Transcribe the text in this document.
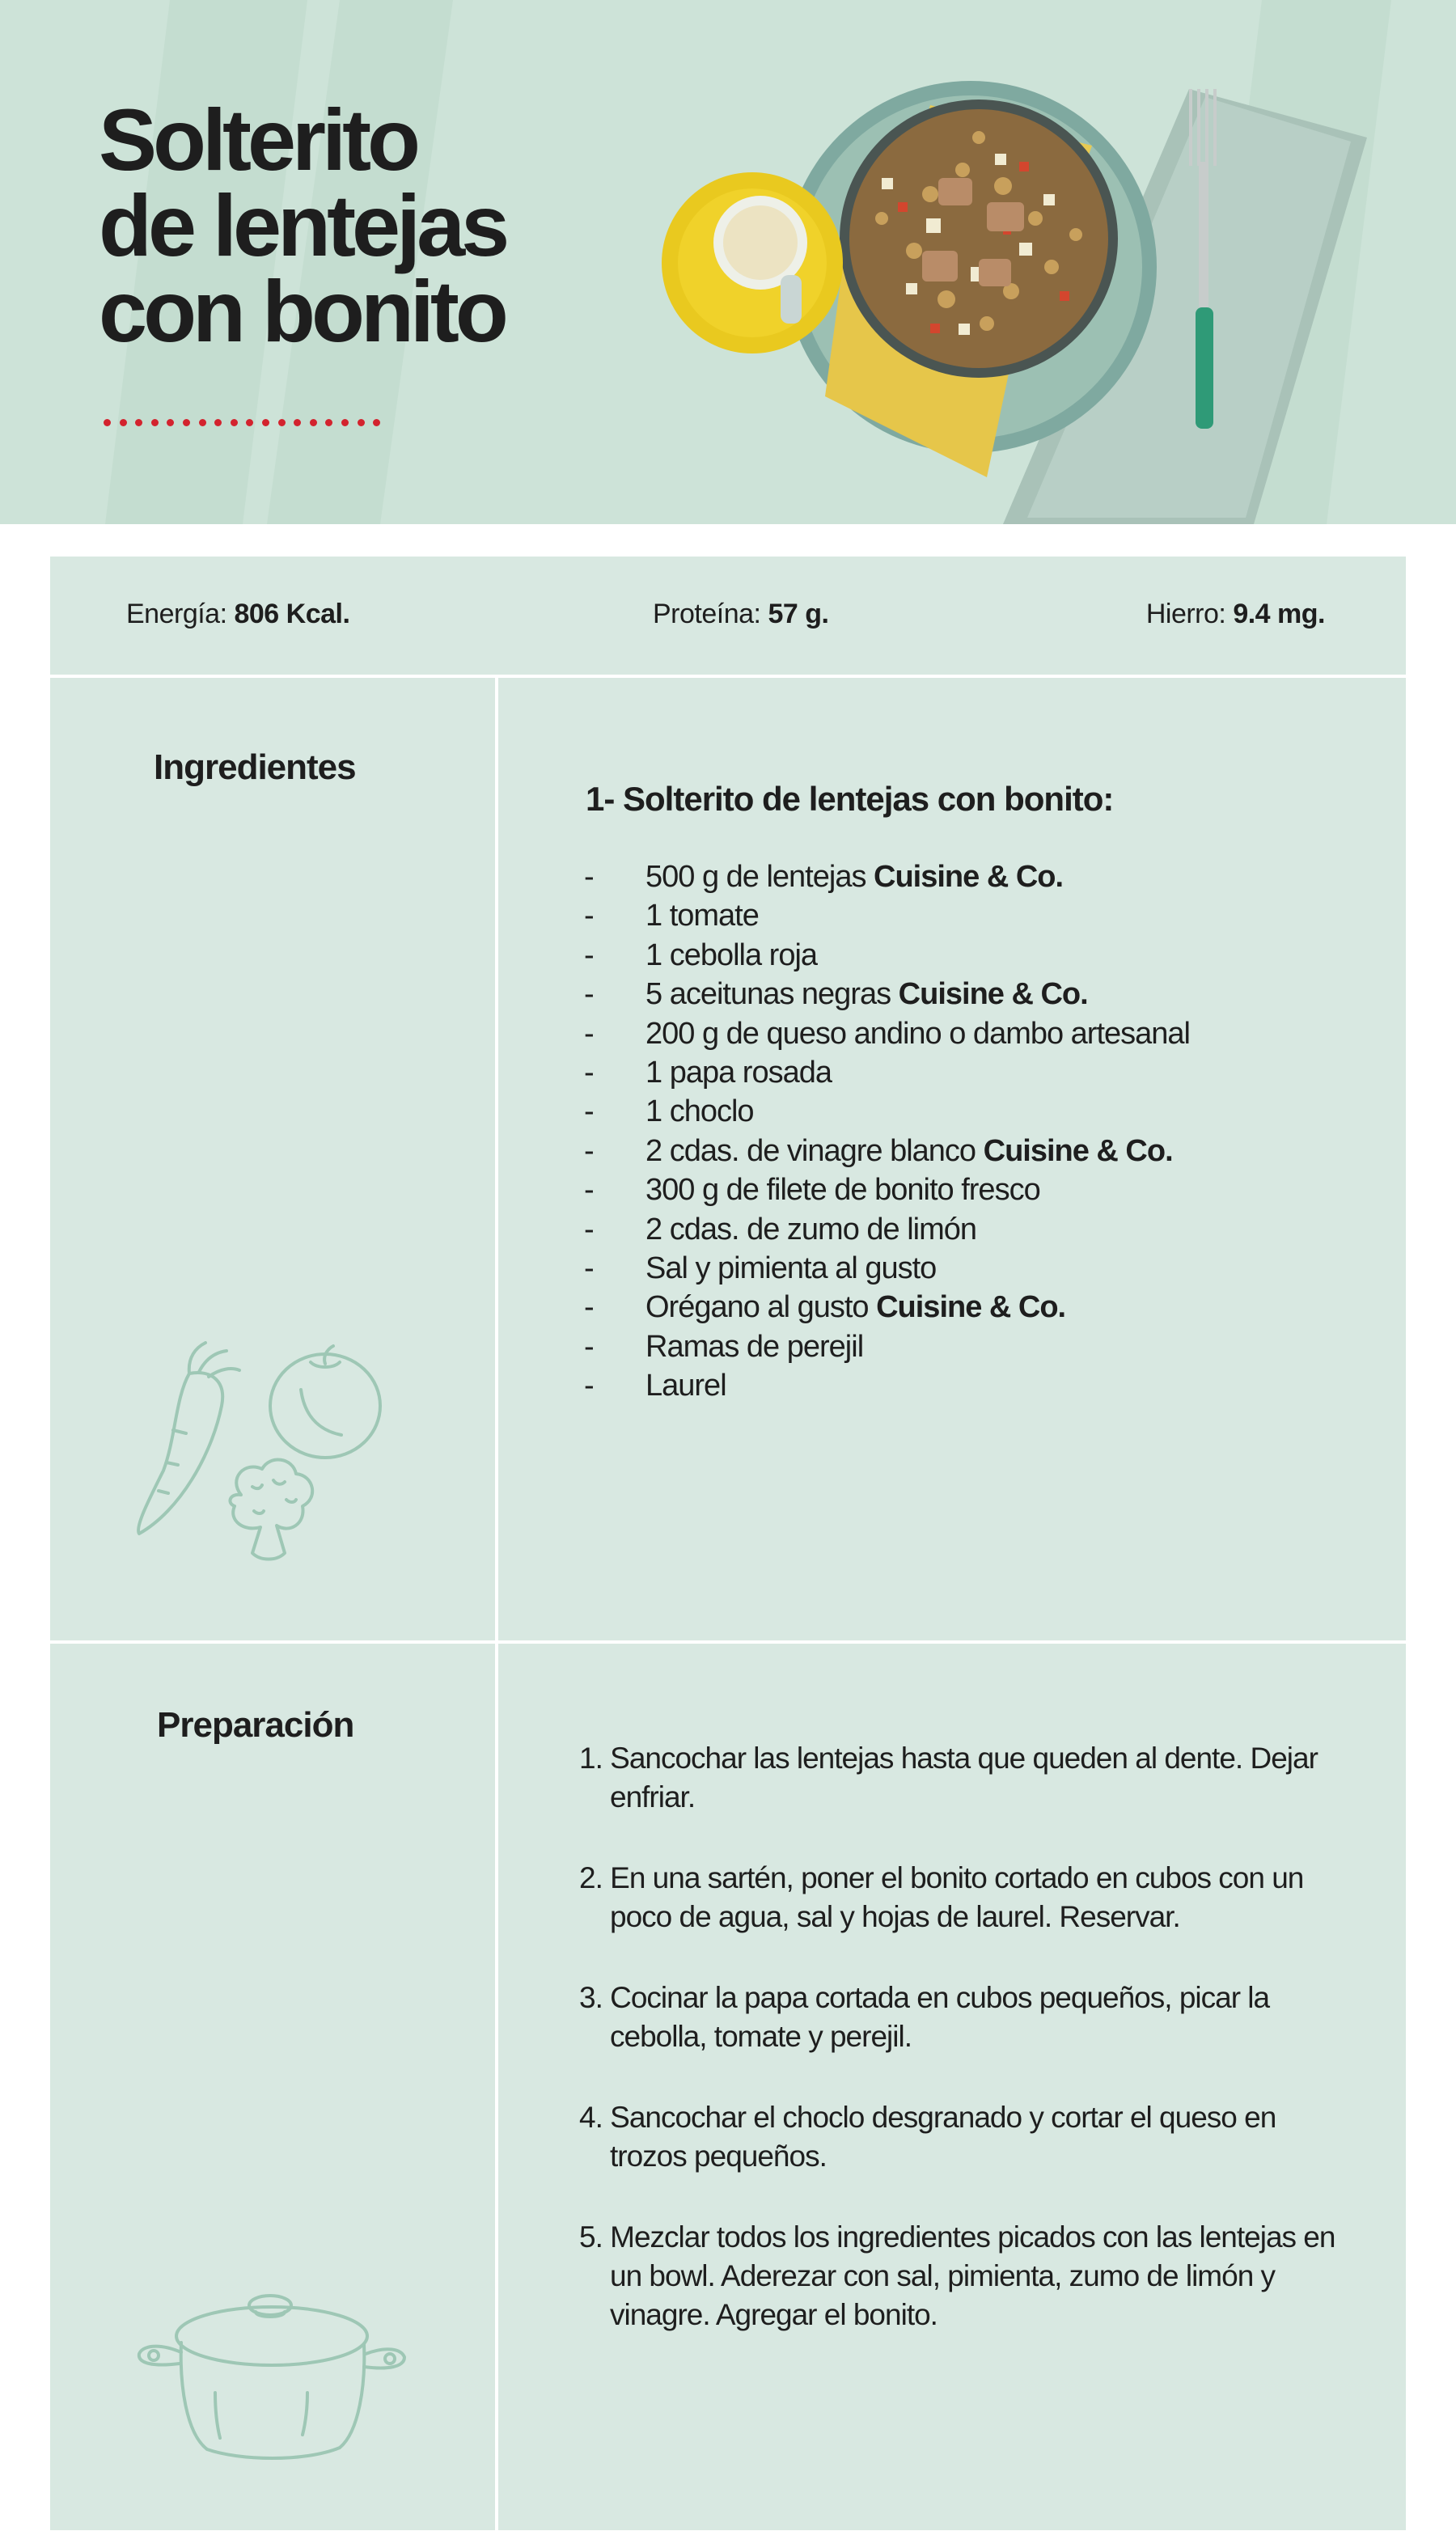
Solterito
de lentejas
con bonito
Energía: 806 Kcal.	Proteína: 57 g.	Hierro: 9.4 mg.
Ingredientes
1- Solterito de lentejas con bonito:
- 500 g de lentejas Cuisine & Co.
- 1 tomate
- 1 cebolla roja
- 5 aceitunas negras Cuisine & Co.
- 200 g de queso andino o dambo artesanal
- 1 papa rosada
- 1 choclo
- 2 cdas. de vinagre blanco Cuisine & Co.
- 300 g de filete de bonito fresco
- 2 cdas. de zumo de limón
- Sal y pimienta al gusto
- Orégano al gusto Cuisine & Co.
- Ramas de perejil
- Laurel
Preparación
1. Sancochar las lentejas hasta que queden al dente. Dejar enfriar.
2. En una sartén, poner el bonito cortado en cubos con un poco de agua, sal y hojas de laurel. Reservar.
3. Cocinar la papa cortada en cubos pequeños, picar la cebolla, tomate y perejil.
4. Sancochar el choclo desgranado y cortar el queso en trozos pequeños.
5. Mezclar todos los ingredientes picados con las lentejas en un bowl. Aderezar con sal, pimienta, zumo de limón y vinagre. Agregar el bonito.
